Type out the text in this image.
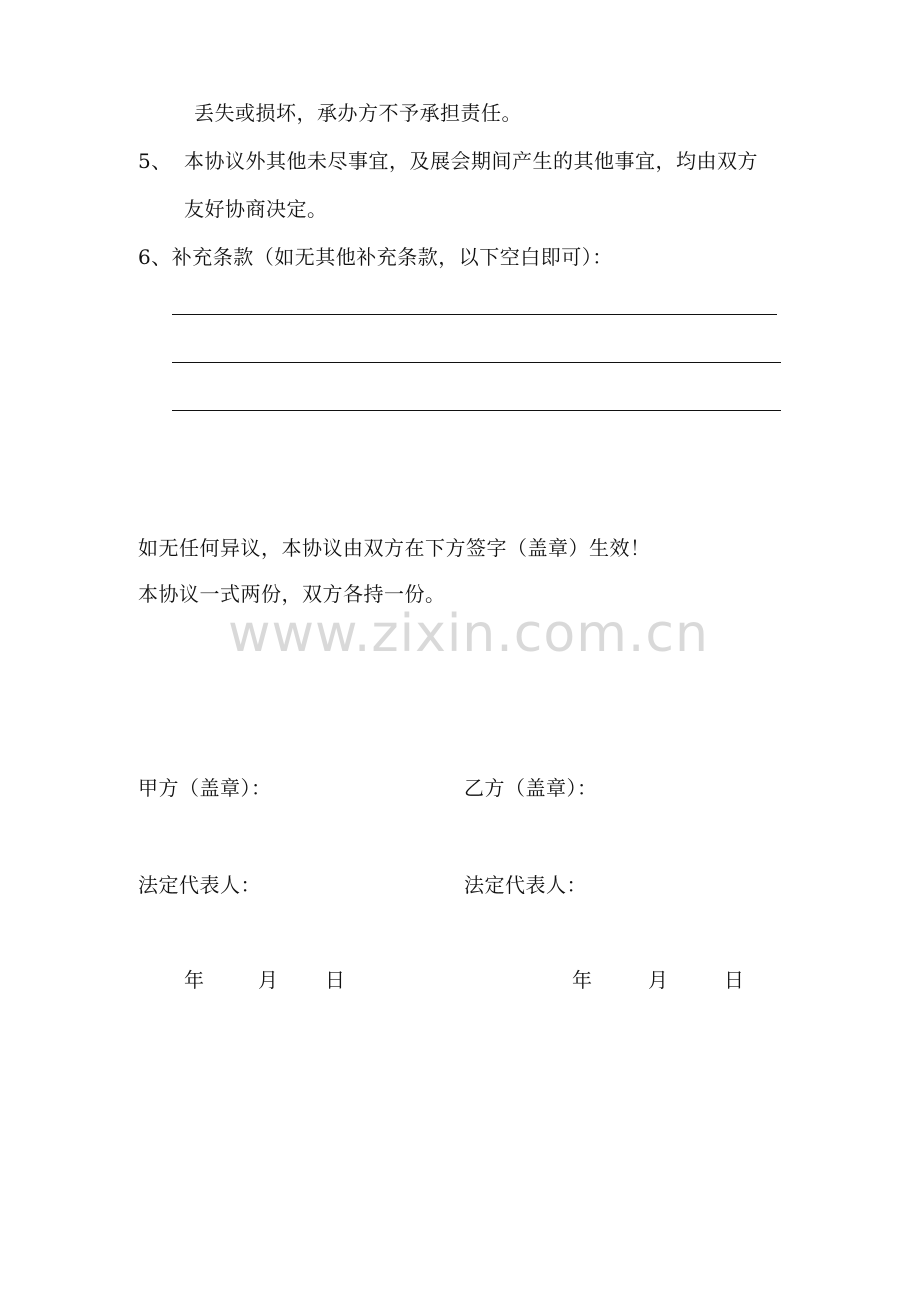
丢失或损坏，承办方不予承担责任。
5、 本协议外其他未尽事宜，及展会期间产生的其他事宜，均由双方
友好协商决定。
6、补充条款（如无其他补充条款，以下空白即可）：
如无任何异议，本协议由双方在下方签字（盖章）生效！
本协议一式两份，双方各持一份。
www.zixin.com.cn
甲方（盖章）：	乙方（盖章）：
法定代表人：	法定代表人：
年	月 日	年	月	日
